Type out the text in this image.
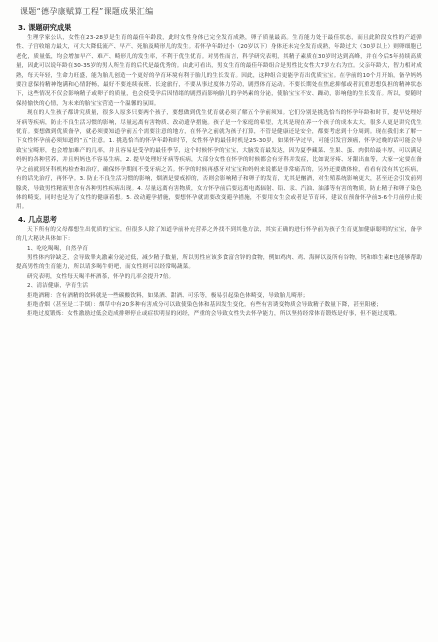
课题“德孕康赋算工程”课题成果汇编
3. 课题研究成果

生理学家公认，女性在23-28岁是生育的最佳年龄段，此时女性身体已完全发育成熟，卵子质量最高。生育能力处于最佳状态，而且此阶段女性的产道弹性、子宫收缩力最大，可大大降低流产、早产、死胎及畸形儿的发生。若怀孕年龄过小（20岁以下）身体还未完全发育成熟，年龄过大（30岁以上）则卵细胞已老化，质量低，均会增加早产、难产、畸形儿的发生率，不利于优生优育。对男性而言，科学研究表明，其精子素质在30岁时达到高峰，并在今后5年持续高质量，因此可以说年龄在30-35岁的男人所生育的后代是最优秀的。由此可看出，男女生育的最佳年龄组合是男性比女性大7岁左右为宜。父亲年龄大，智力相对成熟，每天年轻，生命力旺盛，能为胎儿创造一个更好的孕育环境有利于胎儿的生长发育。因此，这种组合更能孕育出优质宝宝。在孕前的10个月开始，备孕妈妈要注意保持精神饱满和心情舒畅，最好不要连续夜班、长途旅行，不要从事过度体力劳动，剧烈体育运动。不要长期处在焦虑抑郁或者沉重思想负担的精神状态下，这些情况不仅会影响精子或卵子的质量，也会使受孕后因情绪的剧烈而影响胎儿的孕妈素的分泌，使胎宝宝不安、躁动，影响他的生长发育。所以，要随时保持愉快的心情，为未来的胎宝宝营造一个温馨的氛围。

现在的人生孩子都讲究质量，很多人原多只要两个孩子，要想做到优生优育就必须了解五个孕前须知。它们分别是挑选恰当的怀孕年龄和时节，提早处理好牙病等疾病，防止不良生活习惯的影响，尽量远离有害物质、改动遗孕措施。孩子是一个家庭的希望，尤其是现在养一个孩子的成本太大，很多人更是讲究优生优育。要想做到优质备孕，就必须要知道孕前五个需要注意的地方，在怀孕之前就为孩子打算，不管是健康还是安全，都要考虑到十分周到。现在我们来了解一下女性怀孕前必须知道的“五”注意。1. 挑选恰当的怀孕年龄和时节，女性怀孕的最佳时机是25-30岁，如果怀孕过早，可能引发宫颈癌，怀孕过晚的话可能会导致宝宝畸形，也会增加难产的几率，并且容易是受孕的最佳季节，这个时候怀孕的宝宝，大脑发育最发达，因为夏季藏菜、生果、蛋、肉供给最丰厚，可以满足妈妈的各种营养，并且妈妈也不容易生病，2. 提早处理好牙病等疾病，大部分女性在怀孕的时候都会有牙科并发症，比如说牙疼、牙龈出血等，大家一定要在备孕之前就到牙科机构检查和治疗，确保怀孕期间不受牙病之苦。怀孕的时候再感牙对宝宝和妈妈来说都是非常痛苦的，另外还要做体检，看看有没有其它疾病，有的话先治疗，再怀孕。3. 防止不良生活习惯的影响，烟酒是要戒掉的，否则会影响精子和卵子的发育，尤其是酗酒，对生殖系统影响更大，甚至还会引发前列腺炎，导致男性精液里含有各种男性疾病出现。4. 尽量远离有害物质，女方怀孕前后要远离电离辐射、铅、汞、汽油、油漆等有害的物质，防止精子和卵子染色体的畸变，同时也是为了女性的健康着想。5. 改动避孕措施，要想怀孕就需要改变避孕措施，不要用女生会或者是节育环，建议在预备怀孕前3-6个月前停止使用。

4. 几点思考

天下所有的父母都想生出优质的宝宝，但很多人除了知道孕前补充营养之外找不到其他方法，其实正确的进行怀孕前为孩子生育更加健康聪明的宝宝，备孕的几大秘诀具体如下：

1、吃吃喝喝，自然孕育

男性体内锌缺乏，会导致睾丸激素分泌过低，减少精子数量，所以男性应该多食富含锌的食物，例如鸡肉、鸡、海鲜以及所有谷物，钙和维生素E也能够帮助提高男性的生育能力，所以请多喝牛奶吧，而女性则可以经常喝蔬菜。

研究表明，女性每天喝半杯酒茶，怀孕的几率会提升7倍。

2、清洁健康，孕育生活

拒绝酒精：含有酒精的饮料就是一些碳酸饮料，如果酒、甜酒、可乐等，极易引起染色体畸变，导致胎儿畸形；

拒绝香烟（甚至是二手烟）：烟草中有20多种有害成分可以致使染色体和基因发生变化，有些有害诱变物质会导致精子数量下降，甚至阳痿；

拒绝过度锻炼：女性激励过低会造成排卵停止或症状明显的闭经，严重的会导致女性失去怀孕能力，所以坚持经常体育锻炼是好事，但不能过度哦。
